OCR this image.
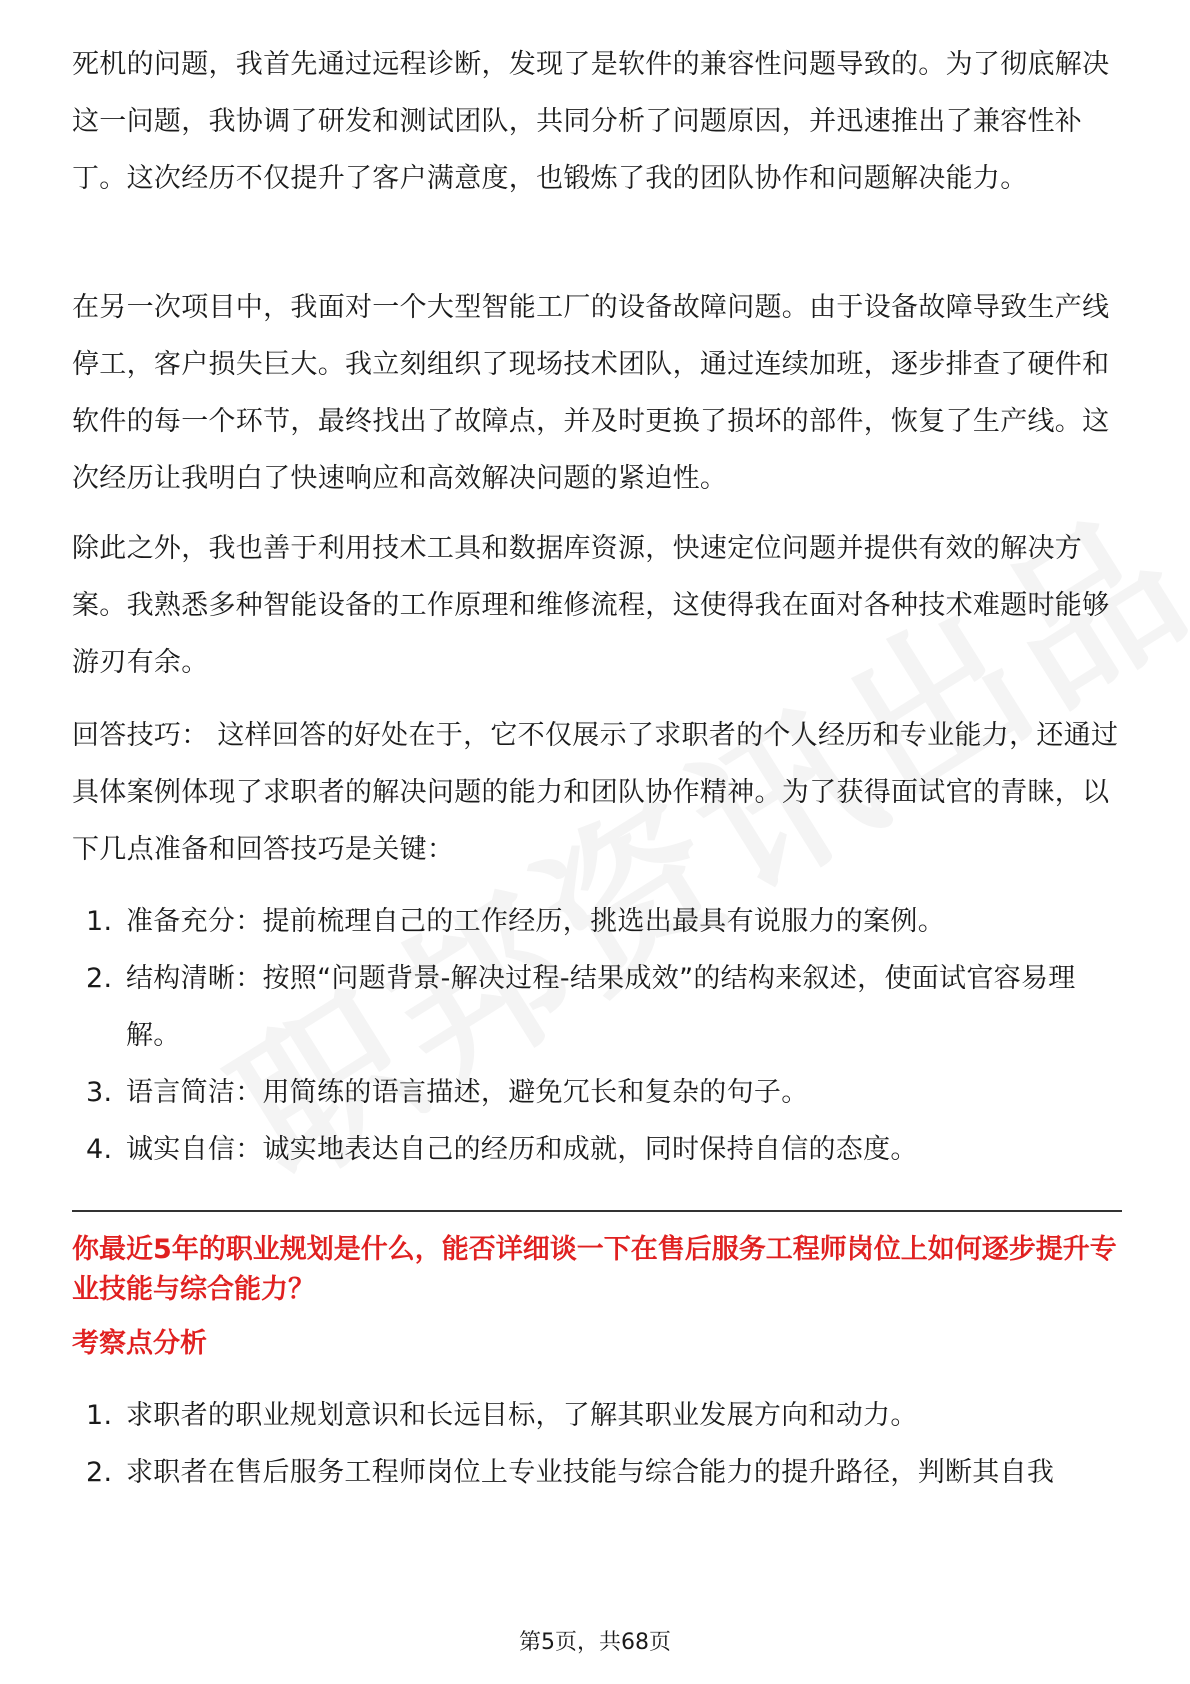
死机的问题，我首先通过远程诊断，发现了是软件的兼容性问题导致的。为了彻底解决这一问题，我协调了研发和测试团队，共同分析了问题原因，并迅速推出了兼容性补丁。这次经历不仅提升了客户满意度，也锻炼了我的团队协作和问题解决能力。

在另一次项目中，我面对一个大型智能工厂的设备故障问题。由于设备故障导致生产线停工，客户损失巨大。我立刻组织了现场技术团队，通过连续加班，逐步排查了硬件和软件的每一个环节，最终找出了故障点，并及时更换了损坏的部件，恢复了生产线。这次经历让我明白了快速响应和高效解决问题的紧迫性。

除此之外，我也善于利用技术工具和数据库资源，快速定位问题并提供有效的解决方案。我熟悉多种智能设备的工作原理和维修流程，这使得我在面对各种技术难题时能够游刃有余。

回答技巧： 这样回答的好处在于，它不仅展示了求职者的个人经历和专业能力，还通过具体案例体现了求职者的解决问题的能力和团队协作精神。为了获得面试官的青睐，以下几点准备和回答技巧是关键：

1. 准备充分：提前梳理自己的工作经历，挑选出最具有说服力的案例。
2. 结构清晰：按照“问题背景-解决过程-结果成效”的结构来叙述，使面试官容易理解。
3. 语言简洁：用简练的语言描述，避免冗长和复杂的句子。
4. 诚实自信：诚实地表达自己的经历和成就，同时保持自信的态度。
你最近5年的职业规划是什么，能否详细谈一下在售后服务工程师岗位上如何逐步提升专业技能与综合能力？
考察点分析
1. 求职者的职业规划意识和长远目标，了解其职业发展方向和动力。
2. 求职者在售后服务工程师岗位上专业技能与综合能力的提升路径，判断其自我
第5页，共68页
